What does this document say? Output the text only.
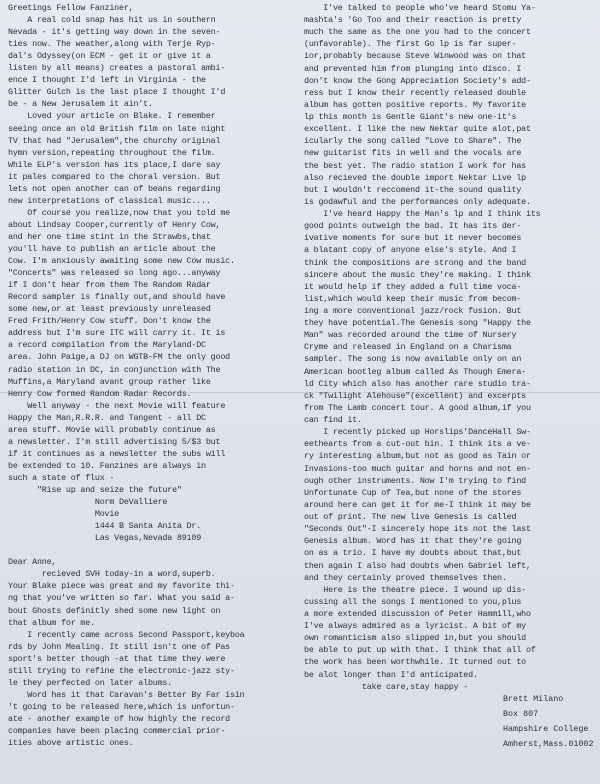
Greetings Fellow Fanziner,
A real cold snap has hit us in southern
Nevada - it's getting way down in the seven-
ties now. The weather,along with Terje Ryp-
dal's Odyssey(on ECM - get it or give it a
listen by all means) creates a pastoral ambi-
ence I thought I'd left in Virginia - the
Glitter Gulch is the last place I thought I'd
be - a New Jerusalem it ain't.
Loved your article on Blake. I remember
seeing once an old British film on late night
TV that had "Jerusalem",the churchy original
hymn version,repeating throughout the film.
While ELP's version has its place,I dare say
it pales compared to the choral version. But
lets not open another can of beans regarding
new interpretations of classical music....
Of course you realize,now that you told me
about Lindsay Cooper,currently of Henry Cow,
and her one time stint in the Strawbs,that
you'll have to publish an article about the
Cow. I'm anxiously awaiting some new Cow music.
"Concerts" was released so long ago...anyway
if I don't hear from them The Random Radar
Record sampler is finally out,and should have
some new,or at least previously unreleased
Fred Frith/Henry Cow stuff. Don't know the
address but I'm sure ITC will carry it. It is
a record compilation from the Maryland-DC
area. John Paige,a DJ on WGTB-FM the only good
radio station in DC, in conjunction with The
Muffins,a Maryland avant group rather like
Henry Cow formed Random Radar Records.
Well anyway - the next Movie will feature
Happy the Man,R.R.R. and Tangent - all DC
area stuff. Movie will probably continue as
a newsletter. I'm still advertising 5/$3 but
if it continues as a newsletter the subs will
be extended to 10. Fanzines are always in
such a state of flux -
"Rise up and seize the future"
Norm DeValliere
Movie
1444 B Santa Anita Dr.
Las Vegas,Nevada 89109
Dear Anne,
recieved SVH today-in a word,superb.
Your Blake piece was great and my favorite thi-
ng that you've written so far. What you said a-
bout Ghosts definitly shed some new light on
that album for me.
I recently came across Second Passport,keyboa
rds by John Mealing. It still isn't one of Pas
sport's better though -at that time they were
still trying to refine the electronic-jazz sty-
le they perfected on later albums.
Word has it that Caravan's Better By Far isin
't going to be released here,which is unfortun-
ate - another example of how highly the record
companies have been placing commercial prior-
ities above artistic ones.
I've talked to people who've heard Stomu Ya-
mashta's 'Go Too and their reaction is pretty
much the same as the one you had to the concert
(unfavorable). The first Go lp is far super-
ior,probably because Steve Winwood was on that
and prevented him from plunging into disco. I
don't know the Gong Appreciation Society's add-
ress but I know their recently released double
album has gotten positive reports. My favorite
lp this month is Gentle Giant's new one-it's
excellent. I like the new Nektar quite alot,pat
icularly the song called "Love to Share". The
new guitarist fits in well and the vocals are
the best yet. The radio station I work for has
also recieved the double import Nektar Live lp
but I wouldn't reccomend it-the sound quality
is godawful and the performances only adequate.
I've heard Happy the Man's lp and I think its
good points outweigh the bad. It has its der-
ivative moments for sure but it never becomes
a blatant copy of anyone else's style. And I
think the compositions are strong and the band
sincere about the music they're making. I think
it would help if they added a full time voca-
list,which would keep their music from becom-
ing a more conventional jazz/rock fusion. But
they have potential.The Genesis song "Happy the
Man" was recorded around the time of Nursery
Cryme and released in England on a Charisma
sampler. The song is now available only on an
American bootleg album called As Though Emera-
ld City which also has another rare studio tra-
ck "Twilight Alehouse"(excellent) and excerpts
from The Lamb concert tour. A good album,if you
can find it.
I recently picked up Horslips'DanceHall Sw-
eethearts from a cut-out bin. I think its a ve-
ry interesting album,but not as good as Tain or
Invasions-too much guitar and horns and not en-
ough other instruments. Now I'm trying to find
Unfortunate Cup of Tea,but none of the stores
around here can get it for me-I think it may be
out of print. The new live Genesis is called
"Seconds Out"-I sincerely hope its not the last
Genesis album. Word has it that they're going
on as a trio. I have my doubts about that,but
then again I also had doubts when Gabriel left,
and they certainly proved themselves then.
Here is the theatre piece. I wound up dis-
cussing all the songs I mentioned to you,plus
a more extended discussion of Peter Hammill,who
I've always admired as a lyricist. A bit of my
own romanticism also slipped in,but you should
be able to put up with that. I think that all of
the work has been worthwhile. It turned out to
be alot longer than I'd anticipated.
take care,stay happy -
Brett Milano
Box 807
Hampshire College
Amherst,Mass.01002
